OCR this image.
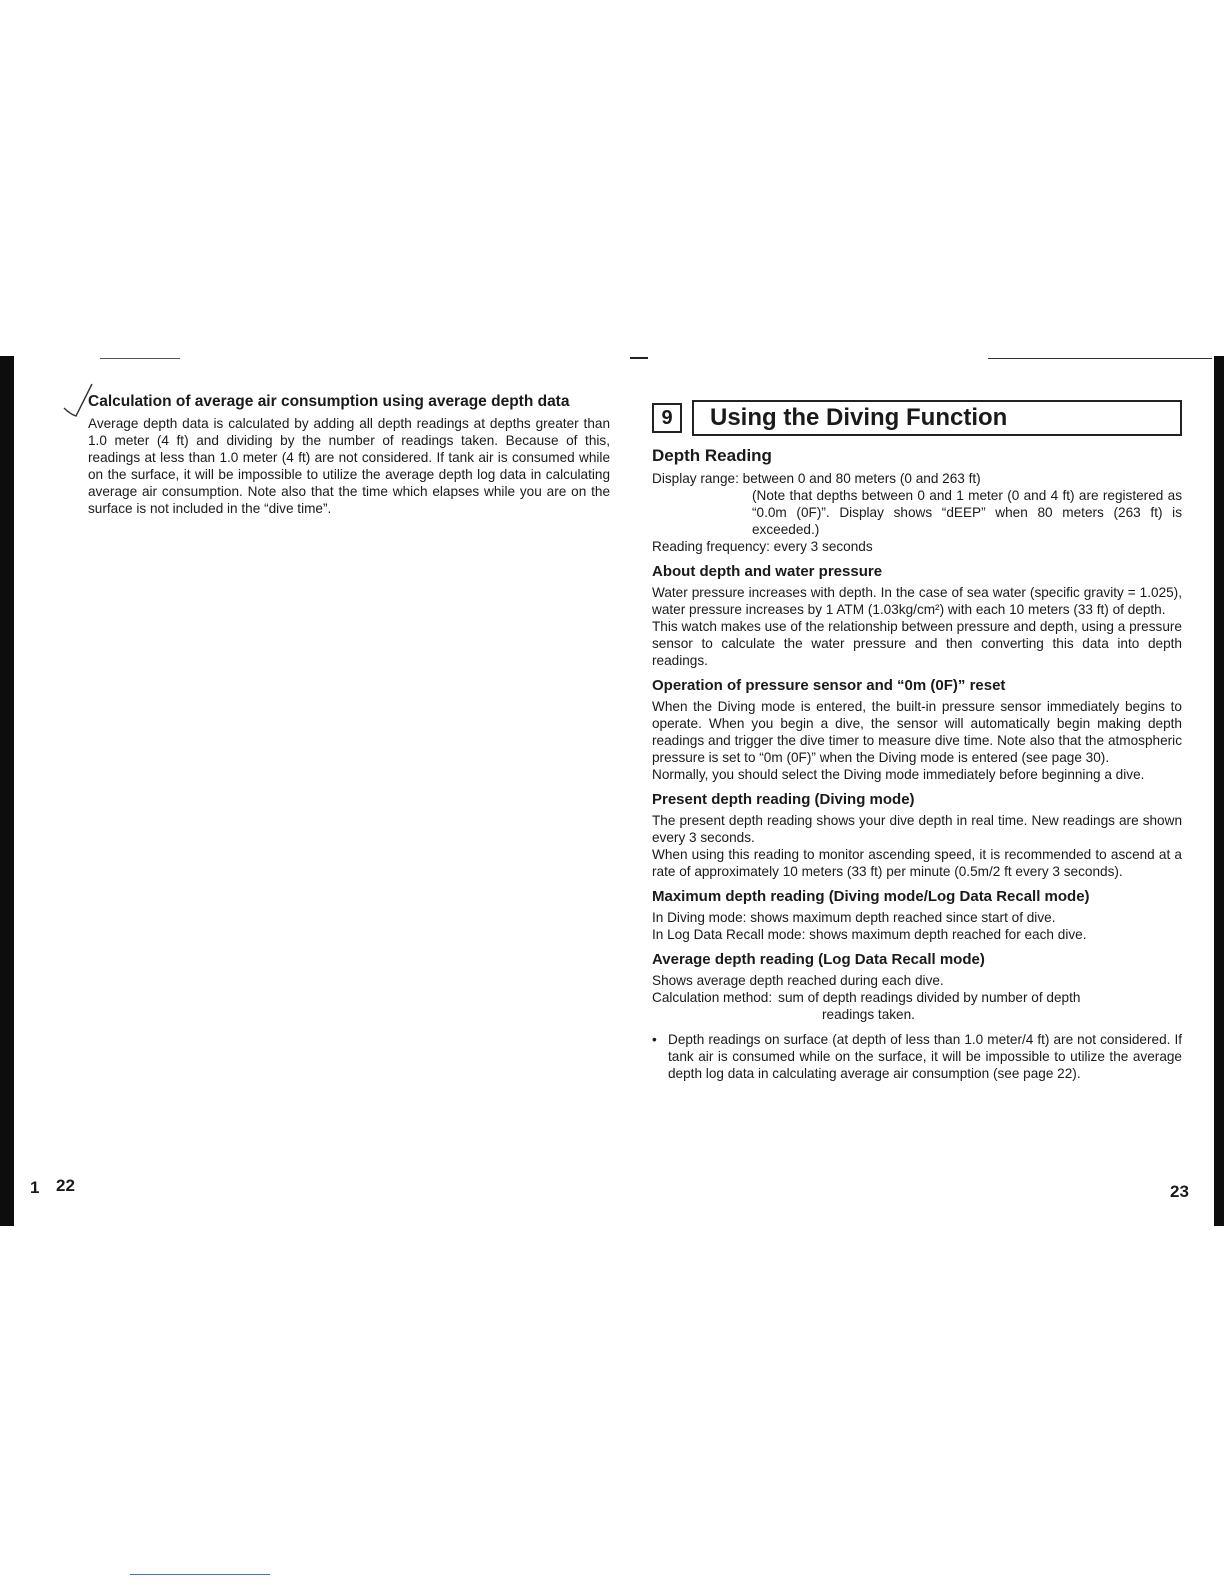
Calculation of average air consumption using average depth data

Average depth data is calculated by adding all depth readings at depths greater than 1.0 meter (4 ft) and dividing by the number of readings taken. Because of this, readings at less than 1.0 meter (4 ft) are not considered. If tank air is consumed while on the surface, it will be impossible to utilize the average depth log data in calculating average air consumption. Note also that the time which elapses while you are on the surface is not included in the “dive time”.

9	Using the Diving Function
Depth Reading

Display range: between 0 and 80 meters (0 and 263 ft)

(Note that depths between 0 and 1 meter (0 and 4 ft) are registered as “0.0m (0F)”. Display shows “dEEP” when 80 meters (263 ft) is exceeded.)

Reading frequency: every 3 seconds

About depth and water pressure

Water pressure increases with depth. In the case of sea water (specific gravity = 1.025), water pressure increases by 1 ATM (1.03kg/cm²) with each 10 meters (33 ft) of depth.

This watch makes use of the relationship between pressure and depth, using a pressure sensor to calculate the water pressure and then converting this data into depth readings.

Operation of pressure sensor and “0m (0F)” reset

When the Diving mode is entered, the built-in pressure sensor immediately begins to operate. When you begin a dive, the sensor will automatically begin making depth readings and trigger the dive timer to measure dive time. Note also that the atmospheric pressure is set to “0m (0F)” when the Diving mode is entered (see page 30).

Normally, you should select the Diving mode immediately before beginning a dive.

Present depth reading (Diving mode)

The present depth reading shows your dive depth in real time. New readings are shown every 3 seconds.

When using this reading to monitor ascending speed, it is recommended to ascend at a rate of approximately 10 meters (33 ft) per minute (0.5m/2 ft every 3 seconds).

Maximum depth reading (Diving mode/Log Data Recall mode)

In Diving mode: shows maximum depth reached since start of dive.

In Log Data Recall mode: shows maximum depth reached for each dive.

Average depth reading (Log Data Recall mode)

Shows average depth reached during each dive.

Calculation method: sum of depth readings divided by number of depth
readings taken.
• Depth readings on surface (at depth of less than 1.0 meter/4 ft) are not considered. If tank air is consumed while on the surface, it will be impossible to utilize the average depth log data in calculating average air consumption (see page 22).
1 22	23
